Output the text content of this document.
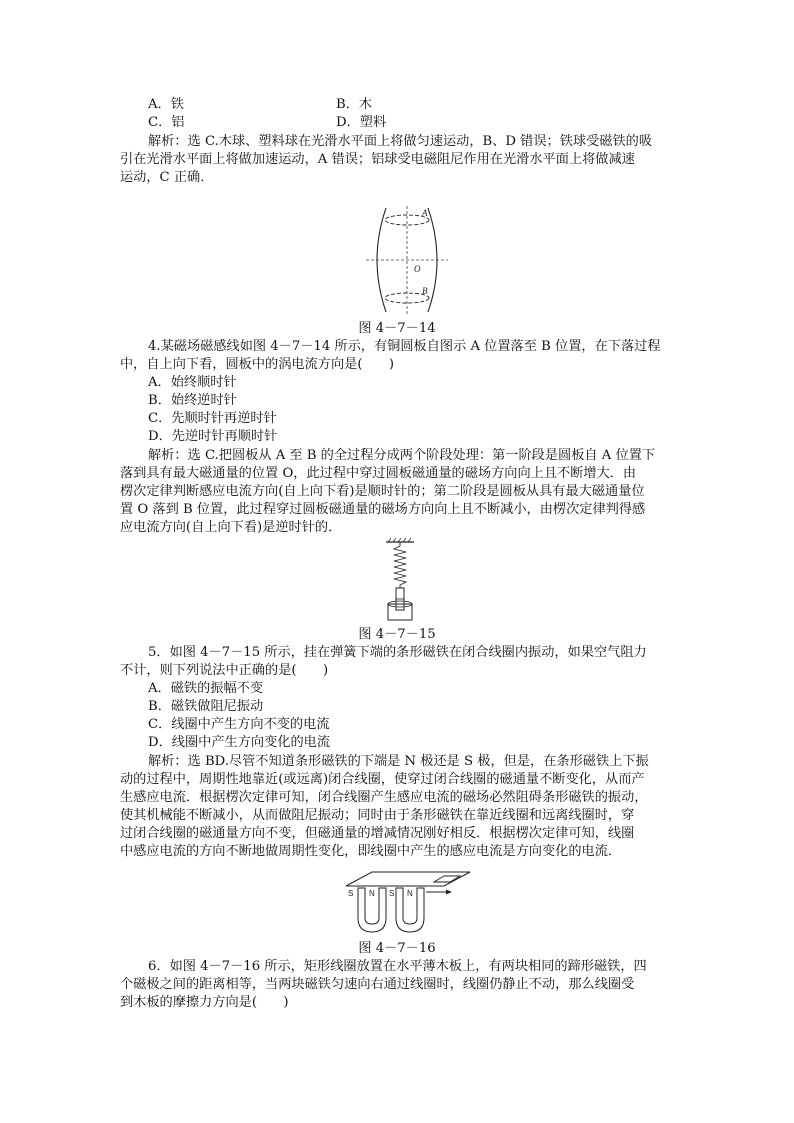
A．铁	B．木
C．铝	D．塑料
解析：选 C.木球、塑料球在光滑水平面上将做匀速运动，B、D 错误；铁球受磁铁的吸
引在光滑水平面上将做加速运动，A 错误；铝球受电磁阻尼作用在光滑水平面上将做减速
运动，C 正确．
A
O
B
图 4－7－14
4.某磁场磁感线如图 4－7－14 所示，有铜圆板自图示 A 位置落至 B 位置，在下落过程
中，自上向下看，圆板中的涡电流方向是(　　)
A．始终顺时针
B．始终逆时针
C．先顺时针再逆时针
D．先逆时针再顺时针
解析：选 C.把圆板从 A 至 B 的全过程分成两个阶段处理：第一阶段是圆板自 A 位置下
落到具有最大磁通量的位置 O，此过程中穿过圆板磁通量的磁场方向向上且不断增大．由
楞次定律判断感应电流方向(自上向下看)是顺时针的；第二阶段是圆板从具有最大磁通量位
置 O 落到 B 位置，此过程穿过圆板磁通量的磁场方向向上且不断减小，由楞次定律判得感
应电流方向(自上向下看)是逆时针的．
图 4－7－15
5．如图 4－7－15 所示，挂在弹簧下端的条形磁铁在闭合线圈内振动，如果空气阻力
不计，则下列说法中正确的是(　　)
A．磁铁的振幅不变
B．磁铁做阻尼振动
C．线圈中产生方向不变的电流
D．线圈中产生方向变化的电流
解析：选 BD.尽管不知道条形磁铁的下端是 N 极还是 S 极，但是，在条形磁铁上下振
动的过程中，周期性地靠近(或远离)闭合线圈，使穿过闭合线圈的磁通量不断变化，从而产
生感应电流．根据楞次定律可知，闭合线圈产生感应电流的磁场必然阻碍条形磁铁的振动，
使其机械能不断减小，从而做阻尼振动；同时由于条形磁铁在靠近线圈和远离线圈时，穿
过闭合线圈的磁通量方向不变，但磁通量的增减情况刚好相反．根据楞次定律可知，线圈
中感应电流的方向不断地做周期性变化，即线圈中产生的感应电流是方向变化的电流．
S N S N
图 4－7－16
6．如图 4－7－16 所示，矩形线圈放置在水平薄木板上，有两块相同的蹄形磁铁，四
个磁极之间的距离相等，当两块磁铁匀速向右通过线圈时，线圈仍静止不动，那么线圈受
到木板的摩擦力方向是(　　)
